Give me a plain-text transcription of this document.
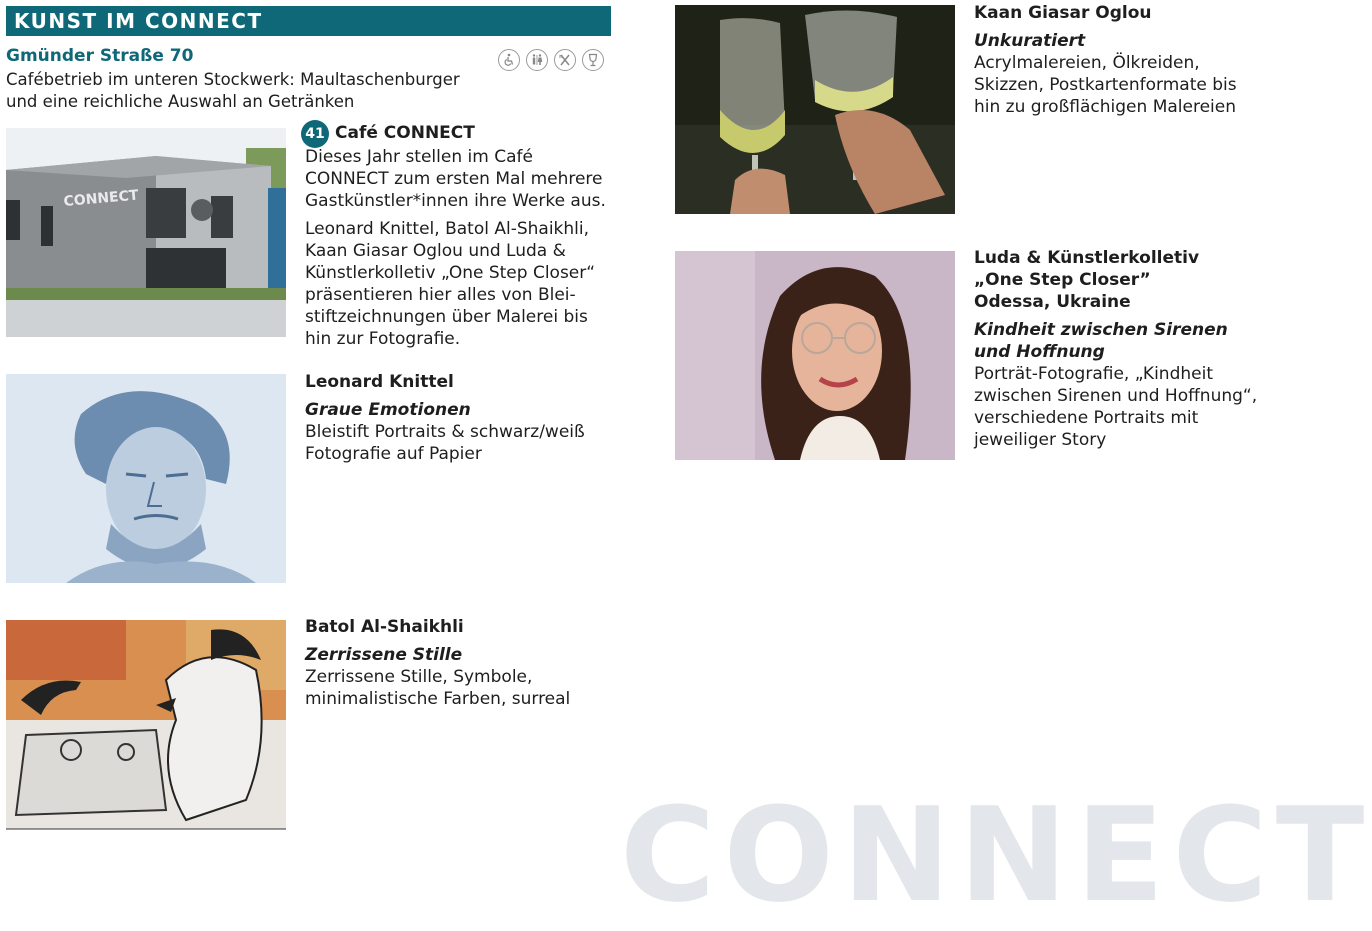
KUNST IM CONNECT
Gmünder Straße 70
Cafébetrieb im unteren Stockwerk: Maultaschenburger und eine reichliche Auswahl an Getränken
CONNECT
41 Café CONNECT
Dieses Jahr stellen im Café CONNECT zum ersten Mal mehrere Gastkünstler*innen ihre Werke aus.
Leonard Knittel, Batol Al-Shaikhli, Kaan Giasar Oglou und Luda & Künstlerkolletiv „One Step Closer“ präsentieren hier alles von Blei-stiftzeichnungen über Malerei bis hin zur Fotografie.
Leonard Knittel
Graue Emotionen
Bleistift Portraits & schwarz/weiß Fotografie auf Papier
Batol Al-Shaikhli
Zerrissene Stille
Zerrissene Stille, Symbole, minimalistische Farben, surreal
Kaan Giasar Oglou
Unkuratiert
Acrylmalereien, Ölkreiden, Skizzen, Postkartenformate bis hin zu großflächigen Malereien
Luda & Künstlerkolletiv
„One Step Closer”
Odessa, Ukraine
Kindheit zwischen Sirenen und Hoffnung
Porträt-Fotografie, „Kindheit zwischen Sirenen und Hoffnung“, verschiedene Portraits mit jeweiliger Story
CONNECT
